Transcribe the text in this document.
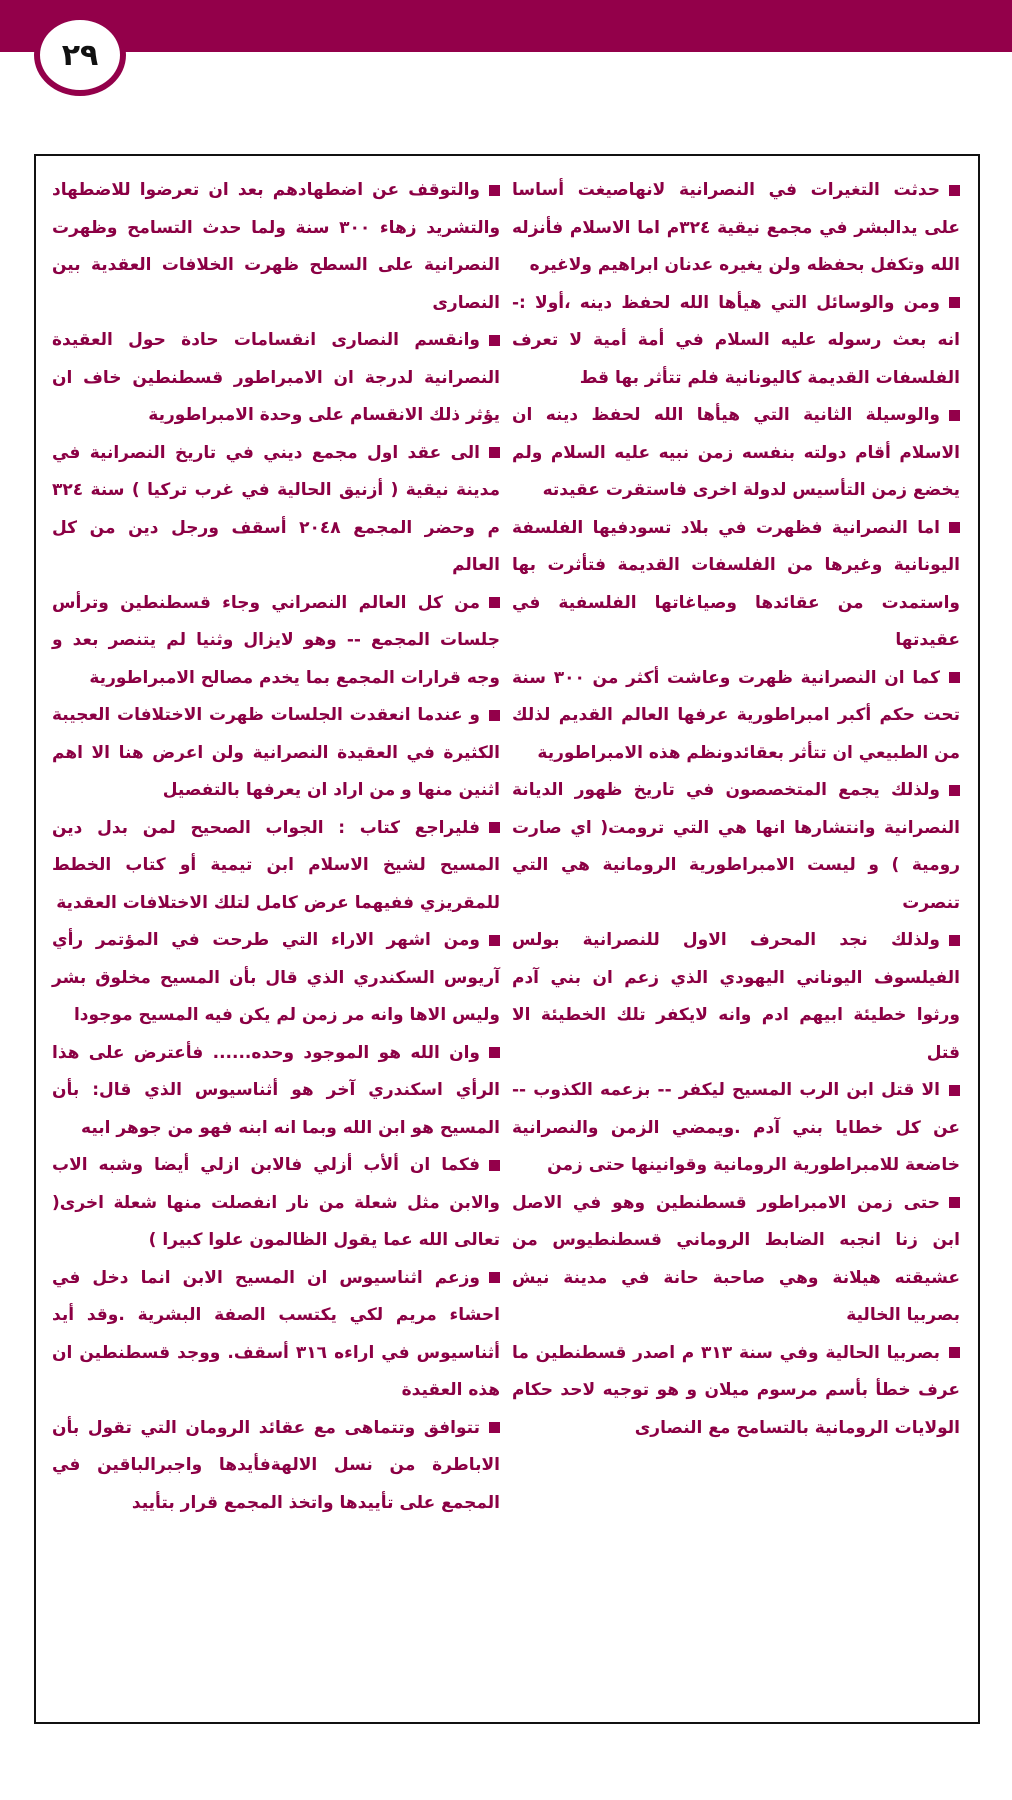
٢٩

حدثت التغيرات في النصرانية لانهاصيغت أساسا على يدالبشر في مجمع نيقية ٣٢٤م اما الاسلام فأنزله الله وتكفل بحفظه ولن يغيره عدنان ابراهيم ولاغيره

ومن والوسائل التي هيأها الله لحفظ دينه ،أولا :- انه بعث رسوله عليه السلام في أمة أمية لا تعرف الفلسفات القديمة كاليونانية فلم تتأثر بها قط

والوسيلة الثانية التي هيأها الله لحفظ دينه ان الاسلام أقام دولته بنفسه زمن نبيه عليه السلام ولم يخضع زمن التأسيس لدولة اخرى فاستقرت عقيدته

اما النصرانية فظهرت في بلاد تسودفيها الفلسفة اليونانية وغيرها من الفلسفات القديمة فتأثرت بها واستمدت من عقائدها وصياغاتها الفلسفية في عقيدتها

كما ان النصرانية ظهرت وعاشت أكثر من ٣٠٠ سنة تحت حكم أكبر امبراطورية عرفها العالم القديم لذلك من الطبيعي ان تتأثر بعقائدونظم هذه الامبراطورية

ولذلك يجمع المتخصصون في تاريخ ظهور الديانة النصرانية وانتشارها انها هي التي ترومت( اي صارت رومية ) و ليست الامبراطورية الرومانية هي التي تنصرت

ولذلك نجد المحرف الاول للنصرانية بولس الفيلسوف اليوناني اليهودي الذي زعم ان بني آدم ورثوا خطيئة ابيهم ادم وانه لايكفر تلك الخطيئة الا قتل

الا قتل ابن الرب المسيح ليكفر -- بزعمه الكذوب -- عن كل خطايا بني آدم .ويمضي الزمن والنصرانية خاضعة للامبراطورية الرومانية وقوانينها حتى زمن

حتى زمن الامبراطور قسطنطين وهو في الاصل ابن زنا انجبه الضابط الروماني قسطنطيوس من عشيقته هيلانة وهي صاحبة حانة في مدينة نيش بصربيا الخالية

بصربيا الحالية وفي سنة ٣١٣ م اصدر قسطنطين ما عرف خطأ بأسم مرسوم ميلان و هو توجيه لاحد حكام الولايات الرومانية بالتسامح مع النصارى

والتوقف عن اضطهادهم بعد ان تعرضوا للاضطهاد والتشريد زهاء ٣٠٠ سنة ولما حدث التسامح وظهرت النصرانية على السطح ظهرت الخلافات العقدية بين النصارى

وانقسم النصارى انقسامات حادة حول العقيدة النصرانية لدرجة ان الامبراطور قسطنطين خاف ان يؤثر ذلك الانقسام على وحدة الامبراطورية

الى عقد اول مجمع ديني في تاريخ النصرانية في مدينة نيقية ( أزنيق الحالية في غرب تركيا ) سنة ٣٢٤ م وحضر المجمع ٢٠٤٨ أسقف ورجل دين من كل العالم

من كل العالم النصراني وجاء قسطنطين وترأس جلسات المجمع -- وهو لايزال وثنيا لم يتنصر بعد و وجه قرارات المجمع بما يخدم مصالح الامبراطورية

و عندما انعقدت الجلسات ظهرت الاختلافات العجيبة الكثيرة في العقيدة النصرانية ولن اعرض هنا الا اهم اثنين منها و من اراد ان يعرفها بالتفصيل

فليراجع كتاب : الجواب الصحيح لمن بدل دين المسيح لشيخ الاسلام ابن تيمية أو كتاب الخطط للمقريزي ففيهما عرض كامل لتلك الاختلافات العقدية

ومن اشهر الاراء التي طرحت في المؤتمر رأي آريوس السكندري الذي قال بأن المسيح مخلوق بشر وليس الاها وانه مر زمن لم يكن فيه المسيح موجودا

وان الله هو الموجود وحده...... فأعترض على هذا الرأي اسكندري آخر هو أثناسيوس الذي قال: بأن المسيح هو ابن الله وبما انه ابنه فهو من جوهر ابيه

فكما ان ألأب أزلي فالابن ازلي أيضا وشبه الاب والابن مثل شعلة من نار انفصلت منها شعلة اخرى( تعالى الله عما يقول الظالمون علوا كبيرا )

وزعم اثناسيوس ان المسيح الابن انما دخل في احشاء مريم لكي يكتسب الصفة البشرية .وقد أيد أثناسيوس في اراءه ٣١٦ أسقف. ووجد قسطنطين ان هذه العقيدة

تتوافق وتتماهى مع عقائد الرومان التي تقول بأن الاباطرة من نسل الالهةفأيدها واجبرالباقين في المجمع على تأييدها واتخذ المجمع قرار بتأييد
